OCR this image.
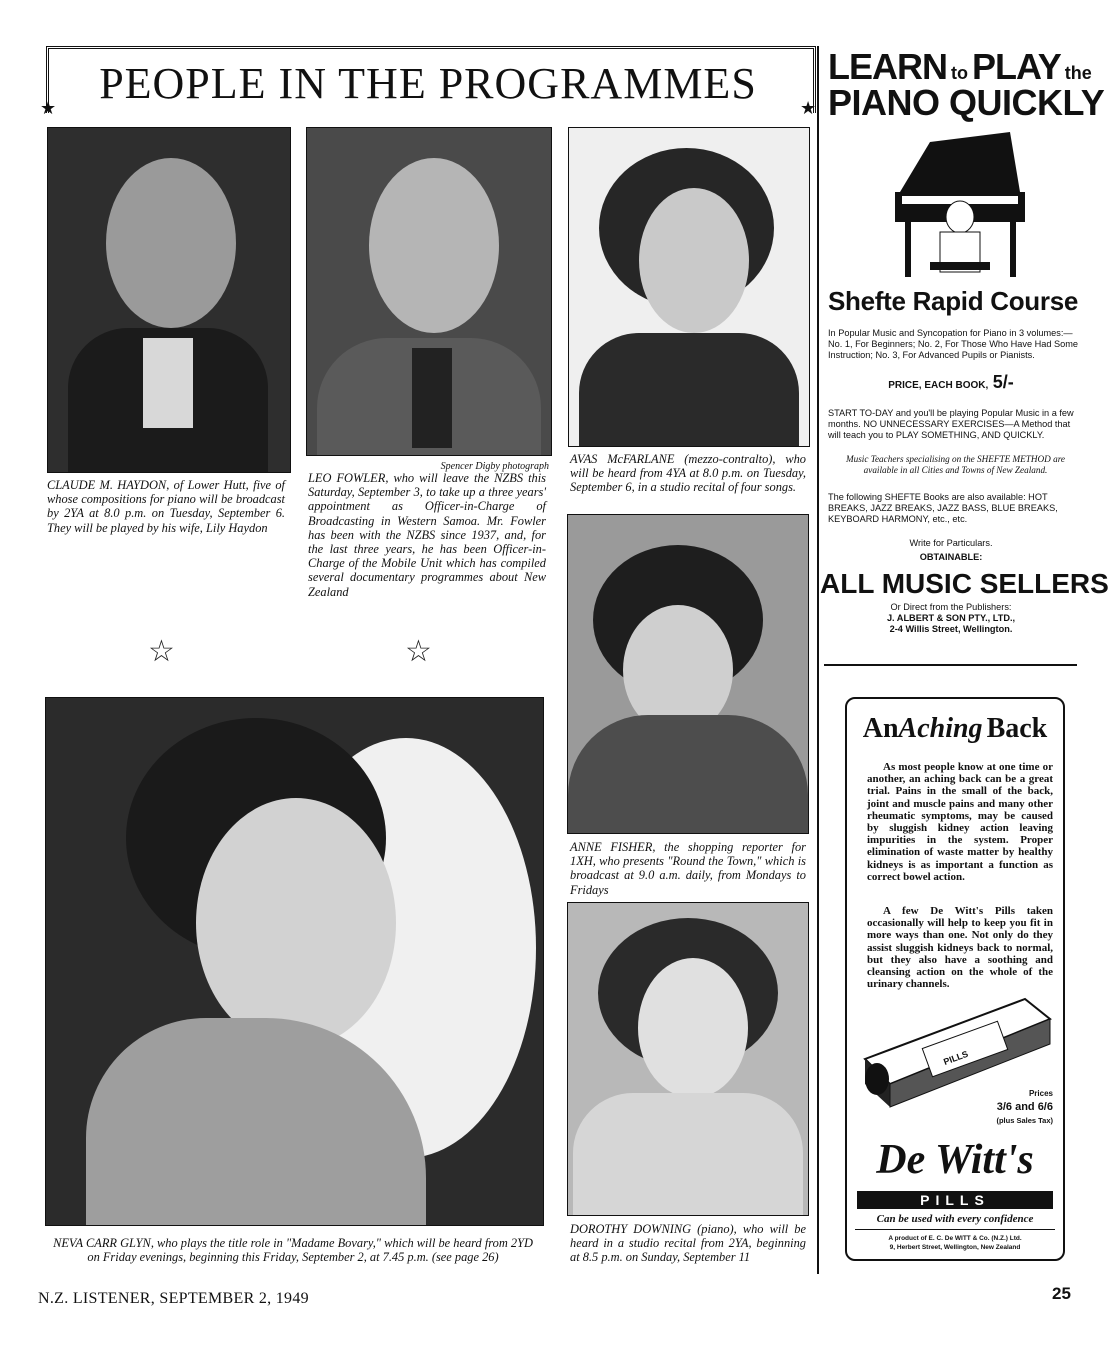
PEOPLE IN THE PROGRAMMES
★	★
CLAUDE M. HAYDON, of Lower Hutt, five of whose compositions for piano will be broadcast by 2YA at 8.0 p.m. on Tuesday, September 6. They will be played by his wife, Lily Haydon
Spencer Digby photograph
LEO FOWLER, who will leave the NZBS this Saturday, September 3, to take up a three years' appointment as Officer-in-Charge of Broadcasting in Western Samoa. Mr. Fowler has been with the NZBS since 1937, and, for the last three years, he has been Officer-in-Charge of the Mobile Unit which has compiled several documentary programmes about New Zealand
☆	☆
AVAS McFARLANE (mezzo-contralto), who will be heard from 4YA at 8.0 p.m. on Tuesday, September 6, in a studio recital of four songs.
ANNE FISHER, the shopping reporter for 1XH, who presents "Round the Town," which is broadcast at 9.0 a.m. daily, from Mondays to Fridays
DOROTHY DOWNING (piano), who will be heard in a studio recital from 2YA, beginning at 8.5 p.m. on Sunday, September 11
NEVA CARR GLYN, who plays the title role in "Madame Bovary," which will be heard from 2YD on Friday evenings, beginning this Friday, September 2, at 7.45 p.m. (see page 26)
N.Z. LISTENER, SEPTEMBER 2, 1949	25
LEARN to PLAY the
PIANO QUICKLY
Shefte Rapid Course
In Popular Music and Syncopation for Piano in 3 volumes:—No. 1, For Beginners; No. 2, For Those Who Have Had Some Instruction; No. 3, For Advanced Pupils or Pianists.
PRICE, EACH BOOK, 5/-
START TO-DAY and you'll be playing Popular Music in a few months. NO UNNECESSARY EXERCISES—A Method that will teach you to PLAY SOMETHING, AND QUICKLY.
Music Teachers specialising on the SHEFTE METHOD are available in all Cities and Towns of New Zealand.
The following SHEFTE Books are also available: HOT BREAKS, JAZZ BREAKS, JAZZ BASS, BLUE BREAKS, KEYBOARD HARMONY, etc., etc.
Write for Particulars.
OBTAINABLE:
ALL MUSIC SELLERS
Or Direct from the Publishers:
J. ALBERT & SON PTY., LTD.,
2-4 Willis Street, Wellington.
AnAching Back
As most people know at one time or another, an aching back can be a great trial. Pains in the small of the back, joint and muscle pains and many other rheumatic symptoms, may be caused by sluggish kidney action leaving impurities in the system. Proper elimination of waste matter by healthy kidneys is as important a function as correct bowel action.
A few De Witt's Pills taken occasionally will help to keep you fit in more ways than one. Not only do they assist sluggish kidneys back to normal, but they also have a soothing and cleansing action on the whole of the urinary channels.
PILLS
Prices
3/6 and 6/6
(plus Sales Tax)
De Witt's
PILLS
Can be used with every confidence
A product of E. C. De WITT & Co. (N.Z.) Ltd.
9, Herbert Street, Wellington, New Zealand
